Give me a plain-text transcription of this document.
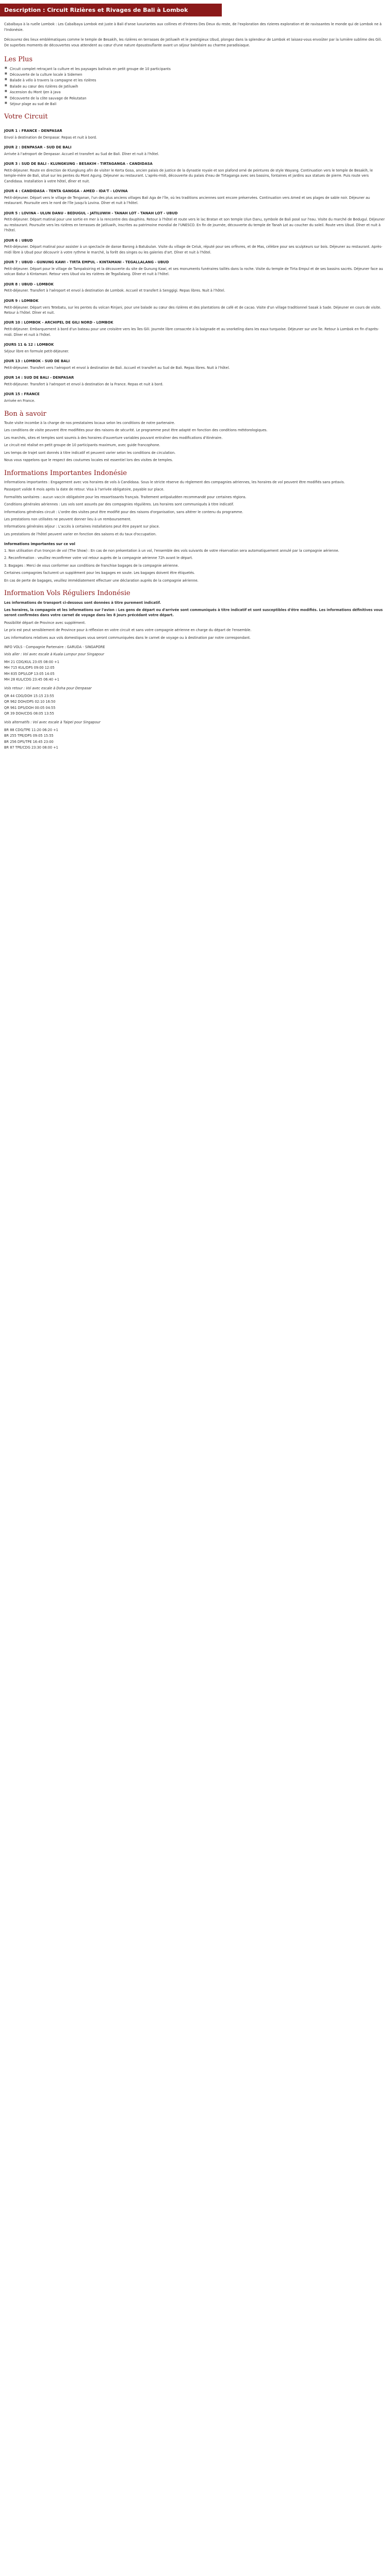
Description : Circuit Rizières et Rivages de Bali à Lombok

Cabalbaya à la ruelle Lombok : Les Cabalbaya Lombok est juste à Bali d'anse luxuriantes aux collines et d'Interes Des Deux du reste, de l'exploration des rizieres exploration et de ravissantes le monde qui de Lombok ne à l'Indonésie.

Découvrez des lieux emblématiques comme le temple de Besakih, les rizières en terrasses de Jatiluwih et le prestigieux Ubud, plongez dans la splendeur de Lombok et laissez-vous envoûter par la lumière sublime des Gili. De superbes moments de découvertes vous attendent au cœur d'une nature époustouflante avant un séjour balnéaire au charme paradisiaque.

Les Plus
■ Circuit complet retraçant la culture et les paysages balinais en petit groupe de 10 participants
■ Découverte de la culture locale à Sidemen
■ Balade à vélo à travers la campagne et les rizières
■ Balade au cœur des rizières de Jatiluwih
■ Ascension du Mont Ijen à Java
■ Découverte de la côte sauvage de Pekutatan
■ Séjour plage au sud de Bali
Votre Circuit
JOUR 1 : FRANCE - DENPASAR

Envol à destination de Denpasar. Repas et nuit à bord.

JOUR 2 : DENPASAR - SUD DE BALI

Arrivée à l'aéroport de Denpasar. Accueil et transfert au Sud de Bali. Dîner et nuit à l'hôtel.

JOUR 3 : SUD DE BALI - KLUNGKUNG - BESAKIH - TIRTAGANGA - CANDIDASA

Petit-déjeuner. Route en direction de Klungkung afin de visiter le Kerta Gosa, ancien palais de justice de la dynastie royale et son plafond orné de peintures de style Wayang. Continuation vers le temple de Besakih, le temple-mère de Bali, situé sur les pentes du Mont Agung. Déjeuner au restaurant. L'après-midi, découverte du palais d'eau de Tirtaganga avec ses bassins, fontaines et jardins aux statues de pierre. Puis route vers Candidasa. Installation à votre hôtel, dîner et nuit.

JOUR 4 : CANDIDASA - TENTA GANGGA - AMED - IDA'T - LOVINA

Petit-déjeuner. Départ vers le village de Tenganan, l'un des plus anciens villages Bali Aga de l'île, où les traditions anciennes sont encore préservées. Continuation vers Amed et ses plages de sable noir. Déjeuner au restaurant. Poursuite vers le nord de l'île jusqu'à Lovina. Dîner et nuit à l'hôtel.

JOUR 5 : LOVINA - ULUN DANU - BEDUGUL - JATILUWIH - TANAH LOT - TANAH LOT - UBUD

Petit-déjeuner. Départ matinal pour une sortie en mer à la rencontre des dauphins. Retour à l'hôtel et route vers le lac Bratan et son temple Ulun Danu, symbole de Bali posé sur l'eau. Visite du marché de Bedugul. Déjeuner au restaurant. Poursuite vers les rizières en terrasses de Jatiluwih, inscrites au patrimoine mondial de l'UNESCO. En fin de journée, découverte du temple de Tanah Lot au coucher du soleil. Route vers Ubud. Dîner et nuit à l'hôtel.

JOUR 6 : UBUD

Petit-déjeuner. Départ matinal pour assister à un spectacle de danse Barong à Batubulan. Visite du village de Celuk, réputé pour ses orfèvres, et de Mas, célèbre pour ses sculpteurs sur bois. Déjeuner au restaurant. Après-midi libre à Ubud pour découvrir à votre rythme le marché, la forêt des singes ou les galeries d'art. Dîner et nuit à l'hôtel.

JOUR 7 : UBUD - GUNUNG KAWI - TIRTA EMPUL - KINTAMANI - TEGALLALANG - UBUD

Petit-déjeuner. Départ pour le village de Tampaksiring et la découverte du site de Gunung Kawi, et ses monuments funéraires taillés dans la roche. Visite du temple de Tirta Empul et de ses bassins sacrés. Déjeuner face au volcan Batur à Kintamani. Retour vers Ubud via les rizières de Tegallalang. Dîner et nuit à l'hôtel.

JOUR 8 : UBUD - LOMBOK

Petit-déjeuner. Transfert à l'aéroport et envol à destination de Lombok. Accueil et transfert à Senggigi. Repas libres. Nuit à l'hôtel.

JOUR 9 : LOMBOK

Petit-déjeuner. Départ vers Tetebatu, sur les pentes du volcan Rinjani, pour une balade au cœur des rizières et des plantations de café et de cacao. Visite d'un village traditionnel Sasak à Sade. Déjeuner en cours de visite. Retour à l'hôtel. Dîner et nuit.

JOUR 10 : LOMBOK - ARCHIPEL DE GILI NORD - LOMBOK

Petit-déjeuner. Embarquement à bord d'un bateau pour une croisière vers les îles Gili. Journée libre consacrée à la baignade et au snorkeling dans les eaux turquoise. Déjeuner sur une île. Retour à Lombok en fin d'après-midi. Dîner et nuit à l'hôtel.

JOURS 11 & 12 : LOMBOK

Séjour libre en formule petit-déjeuner.

JOUR 13 : LOMBOK - SUD DE BALI

Petit-déjeuner. Transfert vers l'aéroport et envol à destination de Bali. Accueil et transfert au Sud de Bali. Repas libres. Nuit à l'hôtel.

JOUR 14 : SUD DE BALI - DENPASAR

Petit-déjeuner. Transfert à l'aéroport et envol à destination de la France. Repas et nuit à bord.

JOUR 15 : FRANCE

Arrivée en France.

Bon à savoir

Toute visite incombe à la charge de nos prestataires locaux selon les conditions de notre partenaire.

Les conditions de visite peuvent être modifiées pour des raisons de sécurité. Le programme peut être adapté en fonction des conditions météorologiques.

Les marchés, sites et temples sont soumis à des horaires d'ouverture variables pouvant entraîner des modifications d'itinéraire.

Le circuit est réalisé en petit groupe de 10 participants maximum, avec guide francophone.

Les temps de trajet sont donnés à titre indicatif et peuvent varier selon les conditions de circulation.

Nous vous rappelons que le respect des coutumes locales est essentiel lors des visites de temples.

Informations Importantes Indonésie

Informations importantes : Engagement avec vos horaires de vols à Candidasa. Sous le stricte réserve du règlement des compagnies aériennes, les horaires de vol peuvent être modifiés sans préavis.

Passeport valide 6 mois après la date de retour. Visa à l'arrivée obligatoire, payable sur place.

Formalités sanitaires : aucun vaccin obligatoire pour les ressortissants français. Traitement antipaludéen recommandé pour certaines régions.

Conditions générales aériennes : Les vols sont assurés par des compagnies régulières. Les horaires sont communiqués à titre indicatif.

Informations générales circuit : L'ordre des visites peut être modifié pour des raisons d'organisation, sans altérer le contenu du programme.

Les prestations non utilisées ne peuvent donner lieu à un remboursement.

Informations générales séjour : L'accès à certaines installations peut être payant sur place.

Les prestations de l'hôtel peuvent varier en fonction des saisons et du taux d'occupation.

Informations importantes sur ce vol

1. Non utilisation d'un tronçon de vol (The Show) : En cas de non présentation à un vol, l'ensemble des vols suivants de votre réservation sera automatiquement annulé par la compagnie aérienne.

2. Reconfirmation : veuillez reconfirmer votre vol retour auprès de la compagnie aérienne 72h avant le départ.

3. Bagages : Merci de vous conformer aux conditions de franchise bagages de la compagnie aérienne.

Certaines compagnies facturent un supplément pour les bagages en soute. Les bagages doivent être étiquetés.

En cas de perte de bagages, veuillez immédiatement effectuer une déclaration auprès de la compagnie aérienne.

Information Vols Réguliers Indonésie

Les informations de transport ci-dessous sont données à titre purement indicatif.

Les horaires, la compagnie et les informations sur l'avion : Les gens de départ ou d'arrivée sont communiqués à titre indicatif et sont susceptibles d'être modifiés. Les informations définitives vous seront confirmées dans votre carnet de voyage dans les 8 jours précédant votre départ.

Possibilité départ de Province avec supplément.

Le prix est peut sensiblement de Province pour à réflexion en votre circuit et sans votre compagnie aérienne en charge du départ de l'ensemble.

Les informations relatives aux vols domestiques vous seront communiquées dans le carnet de voyage ou à destination par notre correspondant.

INFO VOLS - Compagnie Partenaire : GARUDA - SINGAPORE

Vols aller : Vol avec escale à Kuala Lumpur pour Singapour

MH 21 CDG/KUL 23:05 08:00 +1
MH 715 KUL/DPS 09:00 12:05
MH 835 DPS/LOP 13:05 14:05
MH 28 KUL/CDG 23:45 06:40 +1

Vols retour : Vol avec escale à Doha pour Denpasar

QR 44 CDG/DOH 15:15 23:55
QR 962 DOH/DPS 02:10 16:50
QR 961 DPS/DOH 00:05 04:55
QR 39 DOH/CDG 08:05 13:55

Vols alternatifs : Vol avec escale à Taipei pour Singapour

BR 88 CDG/TPE 11:20 06:20 +1
BR 255 TPE/DPS 09:05 15:55
BR 256 DPS/TPE 16:45 23:00
BR 87 TPE/CDG 23:30 08:00 +1
